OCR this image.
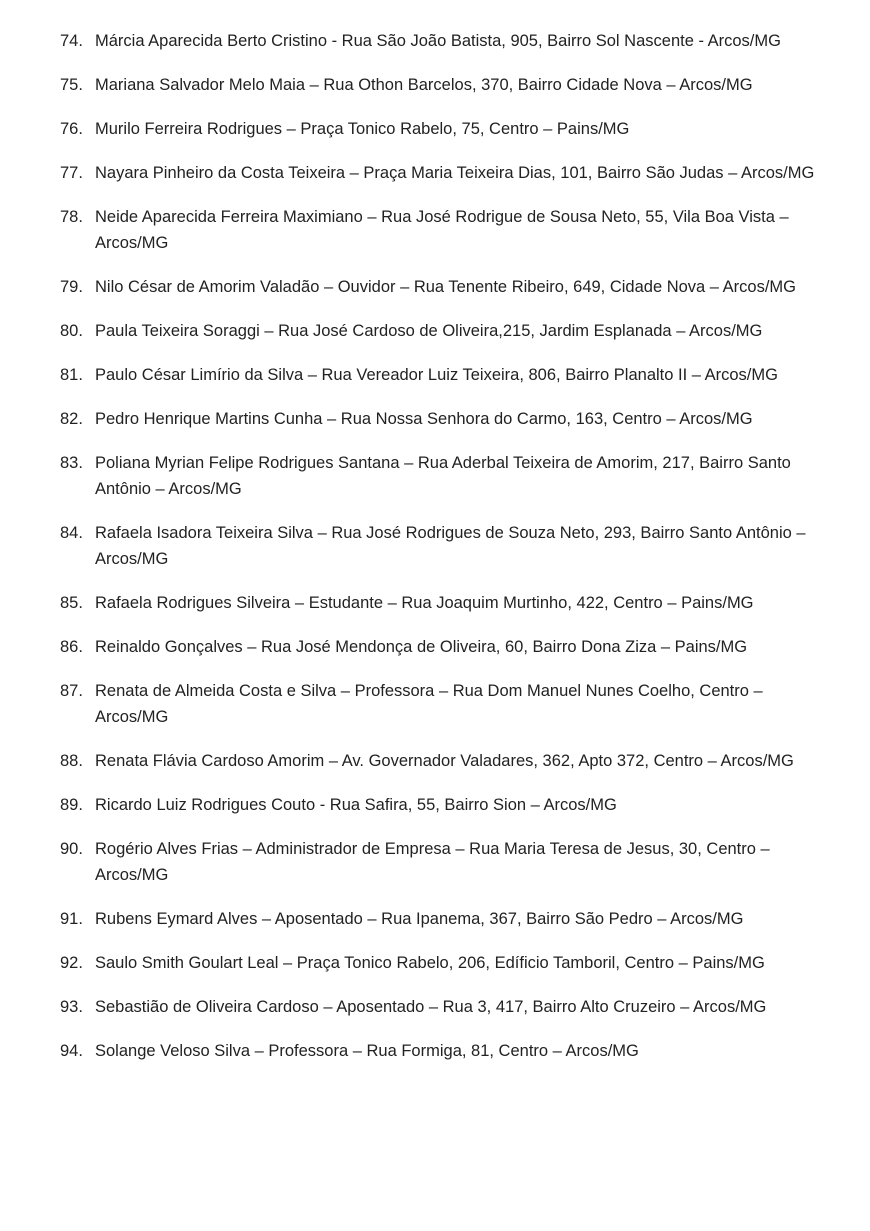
74. Márcia Aparecida Berto Cristino - Rua São João Batista, 905, Bairro Sol Nascente - Arcos/MG
75. Mariana Salvador Melo Maia – Rua Othon Barcelos, 370, Bairro Cidade Nova – Arcos/MG
76. Murilo Ferreira Rodrigues – Praça Tonico Rabelo, 75, Centro – Pains/MG
77. Nayara Pinheiro da Costa Teixeira – Praça Maria Teixeira Dias, 101, Bairro São Judas – Arcos/MG
78. Neide Aparecida Ferreira Maximiano – Rua José Rodrigue de Sousa Neto, 55, Vila Boa Vista – Arcos/MG
79. Nilo César de Amorim Valadão – Ouvidor – Rua Tenente Ribeiro, 649, Cidade Nova – Arcos/MG
80. Paula Teixeira Soraggi – Rua José Cardoso de Oliveira,215, Jardim Esplanada – Arcos/MG
81. Paulo César Limírio da Silva – Rua Vereador Luiz Teixeira, 806, Bairro Planalto II – Arcos/MG
82. Pedro Henrique Martins Cunha – Rua Nossa Senhora do Carmo, 163, Centro – Arcos/MG
83. Poliana Myrian Felipe Rodrigues Santana – Rua Aderbal Teixeira de Amorim, 217, Bairro Santo Antônio – Arcos/MG
84. Rafaela Isadora Teixeira Silva – Rua José Rodrigues de Souza Neto, 293, Bairro Santo Antônio – Arcos/MG
85. Rafaela Rodrigues Silveira – Estudante – Rua Joaquim Murtinho, 422, Centro – Pains/MG
86. Reinaldo Gonçalves – Rua José Mendonça de Oliveira, 60, Bairro Dona Ziza – Pains/MG
87. Renata de Almeida Costa e Silva – Professora – Rua Dom Manuel Nunes Coelho, Centro – Arcos/MG
88. Renata Flávia Cardoso Amorim – Av. Governador Valadares, 362, Apto 372, Centro – Arcos/MG
89. Ricardo Luiz Rodrigues Couto - Rua Safira, 55, Bairro Sion – Arcos/MG
90. Rogério Alves Frias – Administrador de Empresa – Rua Maria Teresa de Jesus, 30, Centro – Arcos/MG
91. Rubens Eymard Alves – Aposentado – Rua Ipanema, 367, Bairro São Pedro – Arcos/MG
92. Saulo Smith Goulart Leal – Praça Tonico Rabelo, 206, Edíficio Tamboril, Centro – Pains/MG
93. Sebastião de Oliveira Cardoso – Aposentado – Rua 3, 417, Bairro Alto Cruzeiro – Arcos/MG
94. Solange Veloso Silva – Professora – Rua Formiga, 81, Centro – Arcos/MG
